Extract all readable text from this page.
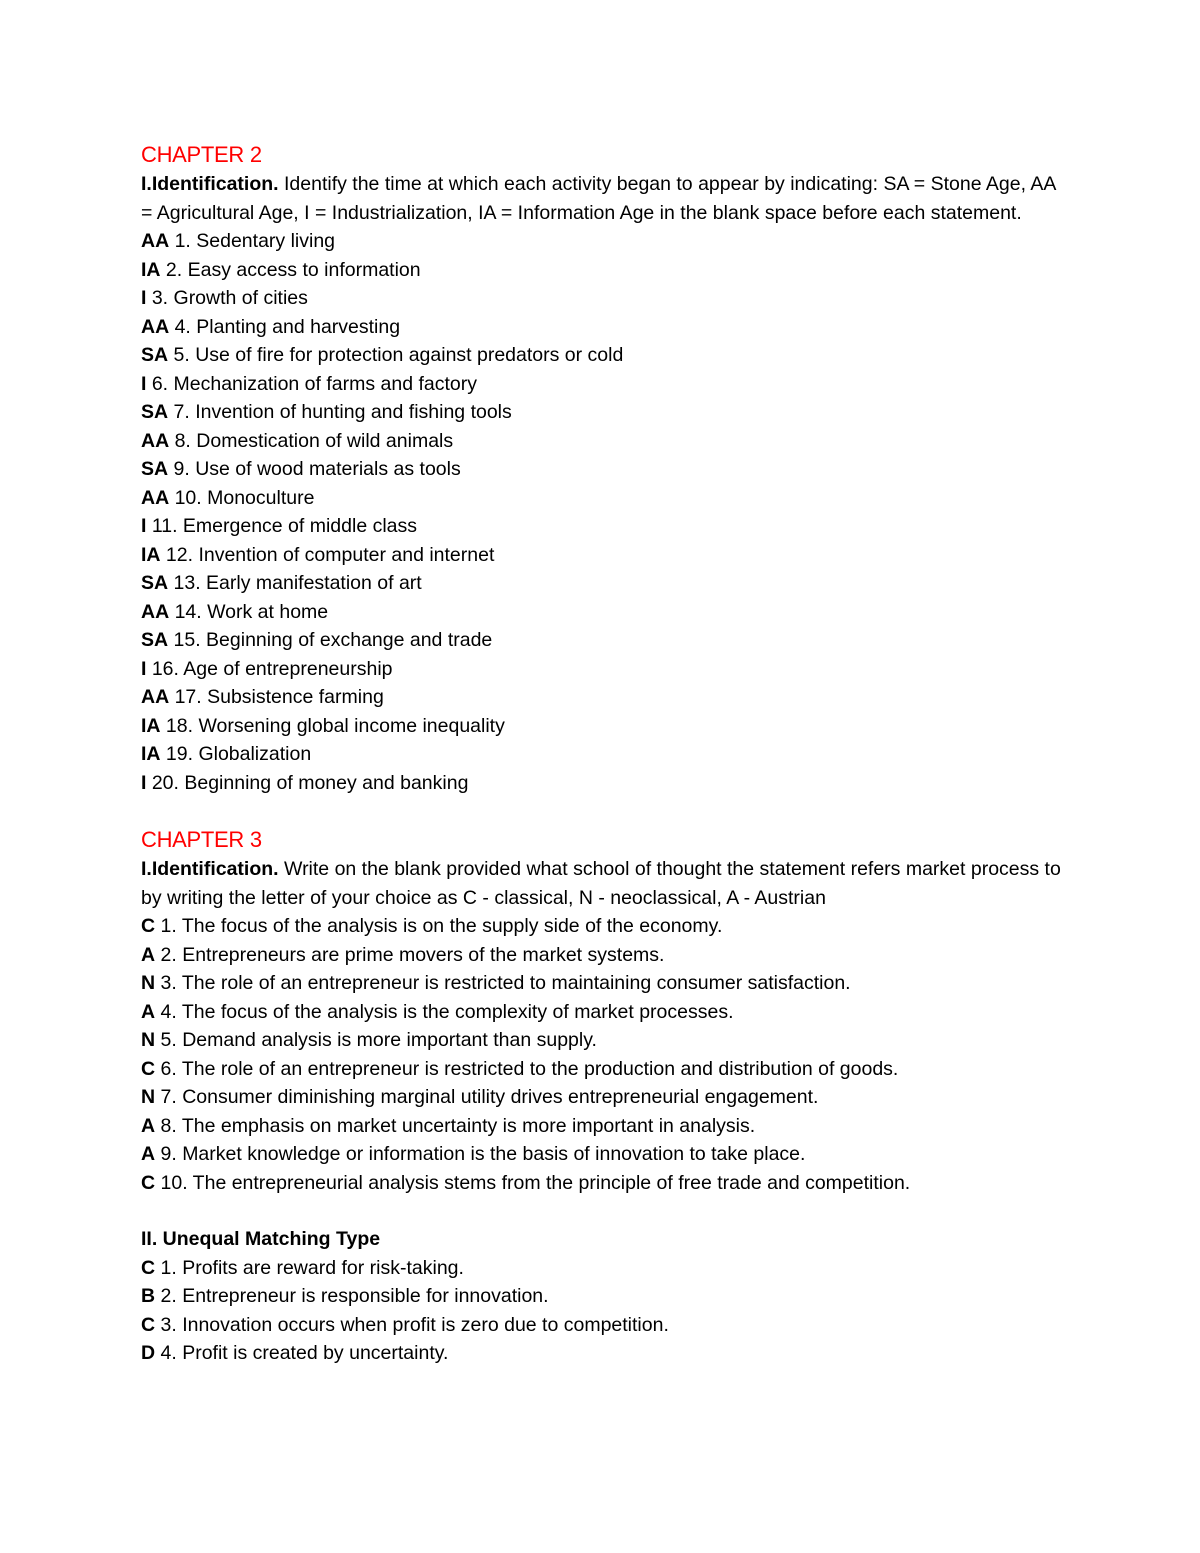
CHAPTER 2

I.Identification. Identify the time at which each activity began to appear by indicating: SA = Stone Age, AA = Agricultural Age, I = Industrialization, IA = Information Age in the blank space before each statement.

AA 1. Sedentary living

IA 2. Easy access to information

I 3. Growth of cities

AA 4. Planting and harvesting

SA 5. Use of fire for protection against predators or cold

I 6. Mechanization of farms and factory

SA 7. Invention of hunting and fishing tools

AA 8. Domestication of wild animals

SA 9. Use of wood materials as tools

AA 10. Monoculture

I 11. Emergence of middle class

IA 12. Invention of computer and internet

SA 13. Early manifestation of art

AA 14. Work at home

SA 15. Beginning of exchange and trade

I 16. Age of entrepreneurship

AA 17. Subsistence farming

IA 18. Worsening global income inequality

IA 19. Globalization

I 20. Beginning of money and banking

CHAPTER 3

I.Identification. Write on the blank provided what school of thought the statement refers market process to by writing the letter of your choice as C - classical, N - neoclassical, A - Austrian

C 1. The focus of the analysis is on the supply side of the economy.

A 2. Entrepreneurs are prime movers of the market systems.

N 3. The role of an entrepreneur is restricted to maintaining consumer satisfaction.

A 4. The focus of the analysis is the complexity of market processes.

N 5. Demand analysis is more important than supply.

C 6. The role of an entrepreneur is restricted to the production and distribution of goods.

N 7. Consumer diminishing marginal utility drives entrepreneurial engagement.

A 8. The emphasis on market uncertainty is more important in analysis.

A 9. Market knowledge or information is the basis of innovation to take place.

C 10. The entrepreneurial analysis stems from the principle of free trade and competition.

II. Unequal Matching Type

C 1. Profits are reward for risk-taking.

B 2. Entrepreneur is responsible for innovation.

C 3. Innovation occurs when profit is zero due to competition.

D 4. Profit is created by uncertainty.
